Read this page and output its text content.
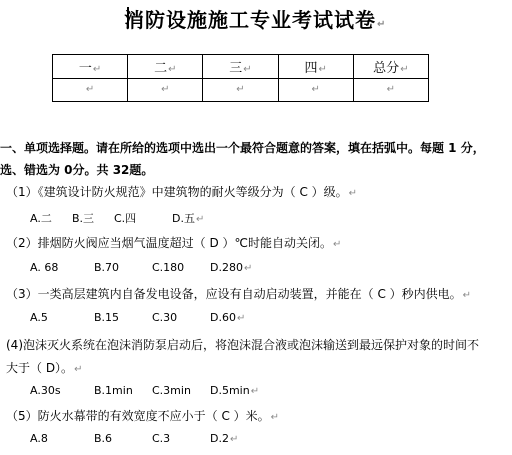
消防设施施工专业考试试卷↵
一↵	二↵	三↵	四↵	总分↵
↵	↵	↵	↵	↵
一、单项选择题。请在所给的选项中选出一个最符合题意的答案，填在括弧中。每题 1 分，
选、错选为 0分。共 32题。
（1）《建筑设计防火规范》中建筑物的耐火等级分为（ C ）级。↵
A.二 B.三 C.四	D.五↵
（2）排烟防火阀应当烟气温度超过（ D ）℃时能自动关闭。↵
A. 68	B.70	C.180 D.280↵
（3）一类高层建筑内自备发电设备，应设有自动启动装置，并能在（ C ）秒内供电。↵
A.5	B.15	C.30	D.60↵
(4)泡沫灭火系统在泡沫消防泵启动后，将泡沫混合液或泡沫输送到最远保护对象的时间不
大于（ D）。↵
A.30s	B.1min C.3min D.5min↵
（5）防火水幕带的有效宽度不应小于（ C ）米。↵
A.8	B.6	C.3	D.2↵
